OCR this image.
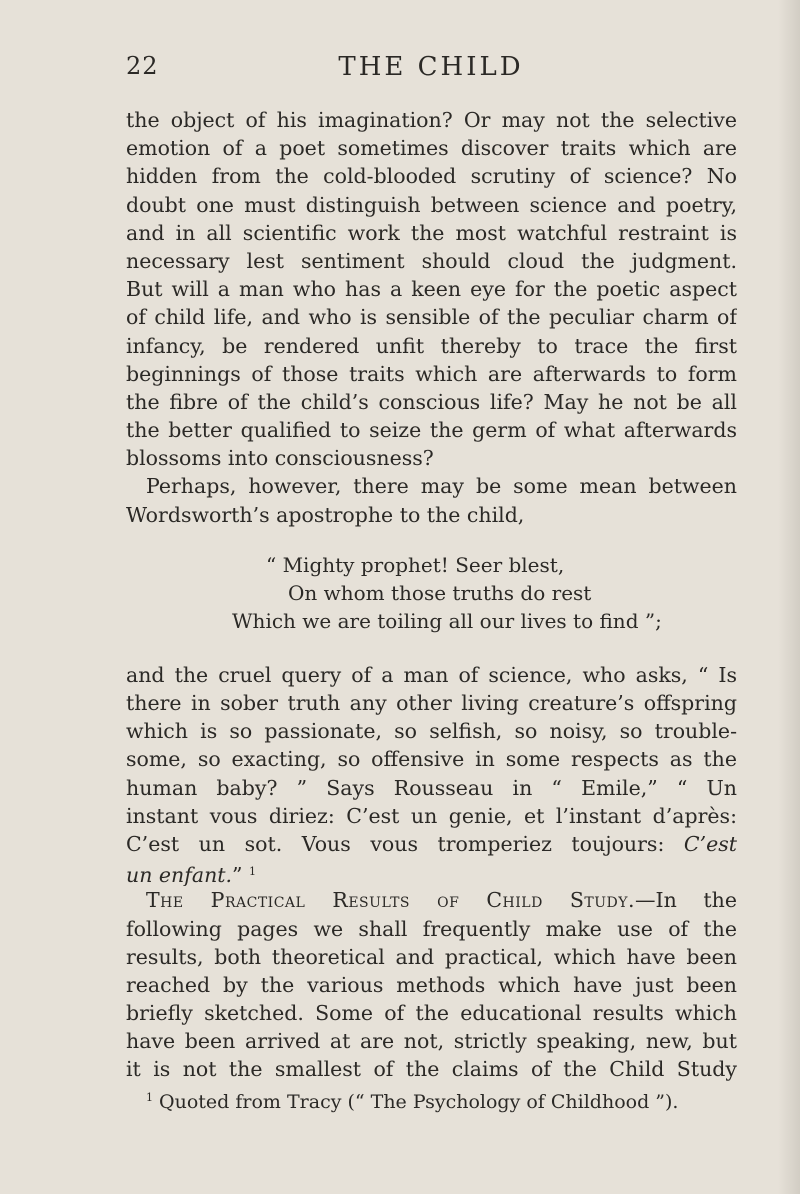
22	THE CHILD
the object of his imagination? Or may not the selective
emotion of a poet sometimes discover traits which are
hidden from the cold-blooded scrutiny of science? No
doubt one must distinguish between science and poetry,
and in all scientific work the most watchful restraint is
necessary lest sentiment should cloud the judgment.
But will a man who has a keen eye for the poetic aspect
of child life, and who is sensible of the peculiar charm of
infancy, be rendered unfit thereby to trace the first
beginnings of those traits which are afterwards to form
the fibre of the child’s conscious life? May he not be all
the better qualified to seize the germ of what afterwards
blossoms into consciousness?
Perhaps, however, there may be some mean between
Wordsworth’s apostrophe to the child,
“ Mighty prophet! Seer blest,
On whom those truths do rest
Which we are toiling all our lives to find ”;
and the cruel query of a man of science, who asks, “ Is
there in sober truth any other living creature’s offspring
which is so passionate, so selfish, so noisy, so trouble-
some, so exacting, so offensive in some respects as the
human baby? ” Says Rousseau in “ Emile,” “ Un
instant vous diriez: C’est un genie, et l’instant d’après:
C’est un sot. Vous vous tromperiez toujours: C’est
un enfant.” $^1$
The Practical Results of Child Study.—In the
following pages we shall frequently make use of the
results, both theoretical and practical, which have been
reached by the various methods which have just been
briefly sketched. Some of the educational results which
have been arrived at are not, strictly speaking, new, but
it is not the smallest of the claims of the Child Study
$^1$ Quoted from Tracy (“ The Psychology of Childhood ”).
